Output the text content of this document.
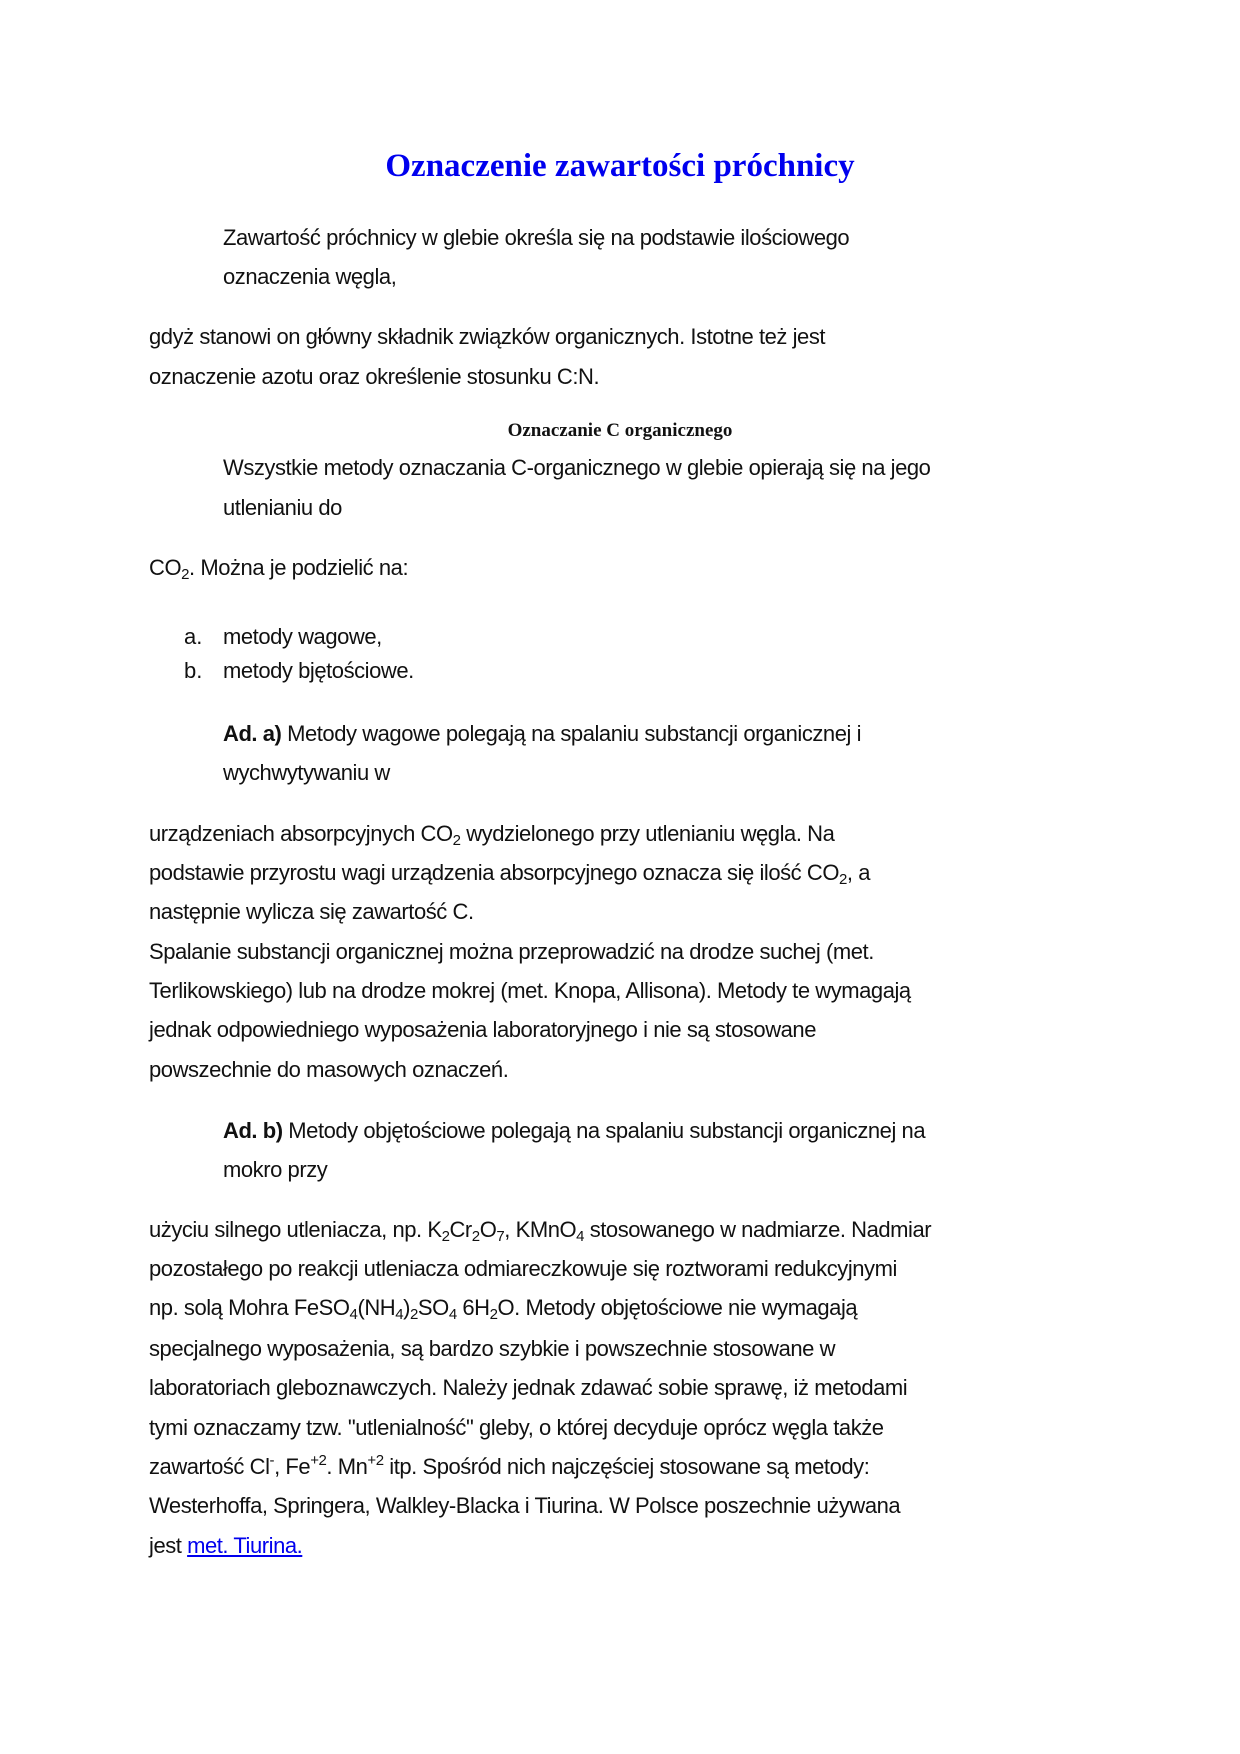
Oznaczenie zawartości próchnicy
Zawartość próchnicy w glebie określa się na podstawie ilościowego
oznaczenia węgla,
gdyż stanowi on główny składnik związków organicznych. Istotne też jest
oznaczenie azotu oraz określenie stosunku C:N.
Oznaczanie C organicznego
Wszystkie metody oznaczania C-organicznego w glebie opierają się na jego
utlenianiu do
$CO_2$. Można je podzielić na:
a. metody wagowe,
b. metody bjętościowe.
Ad. a) Metody wagowe polegają na spalaniu substancji organicznej i
wychwytywaniu w
urządzeniach absorpcyjnych $CO_2$ wydzielonego przy utlenianiu węgla. Na
podstawie przyrostu wagi urządzenia absorpcyjnego oznacza się ilość $CO_2$, a
następnie wylicza się zawartość C.
Spalanie substancji organicznej można przeprowadzić na drodze suchej (met.
Terlikowskiego) lub na drodze mokrej (met. Knopa, Allisona). Metody te wymagają
jednak odpowiedniego wyposażenia laboratoryjnego i nie są stosowane
powszechnie do masowych oznaczeń.
Ad. b) Metody objętościowe polegają na spalaniu substancji organicznej na
mokro przy
użyciu silnego utleniacza, np. $K_2Cr_2O_7$, KMnO$_4$ stosowanego w nadmiarze. Nadmiar
pozostałego po reakcji utleniacza odmiareczkowuje się roztworami redukcyjnymi
np. solą Mohra $FeSO_4(NH_4)_2SO_4$ $6H_2O$. Metody objętościowe nie wymagają
specjalnego wyposażenia, są bardzo szybkie i powszechnie stosowane w
laboratoriach gleboznawczych. Należy jednak zdawać sobie sprawę, iż metodami
tymi oznaczamy tzw. "utlenialność" gleby, o której decyduje oprócz węgla także
zawartość Cl-, $Fe^{+2}$. $Mn^{+2}$ itp. Spośród nich najczęściej stosowane są metody:
Westerhoffa, Springera, Walkley-Blacka i Tiurina. W Polsce poszechnie używana
jest met. Tiurina.
